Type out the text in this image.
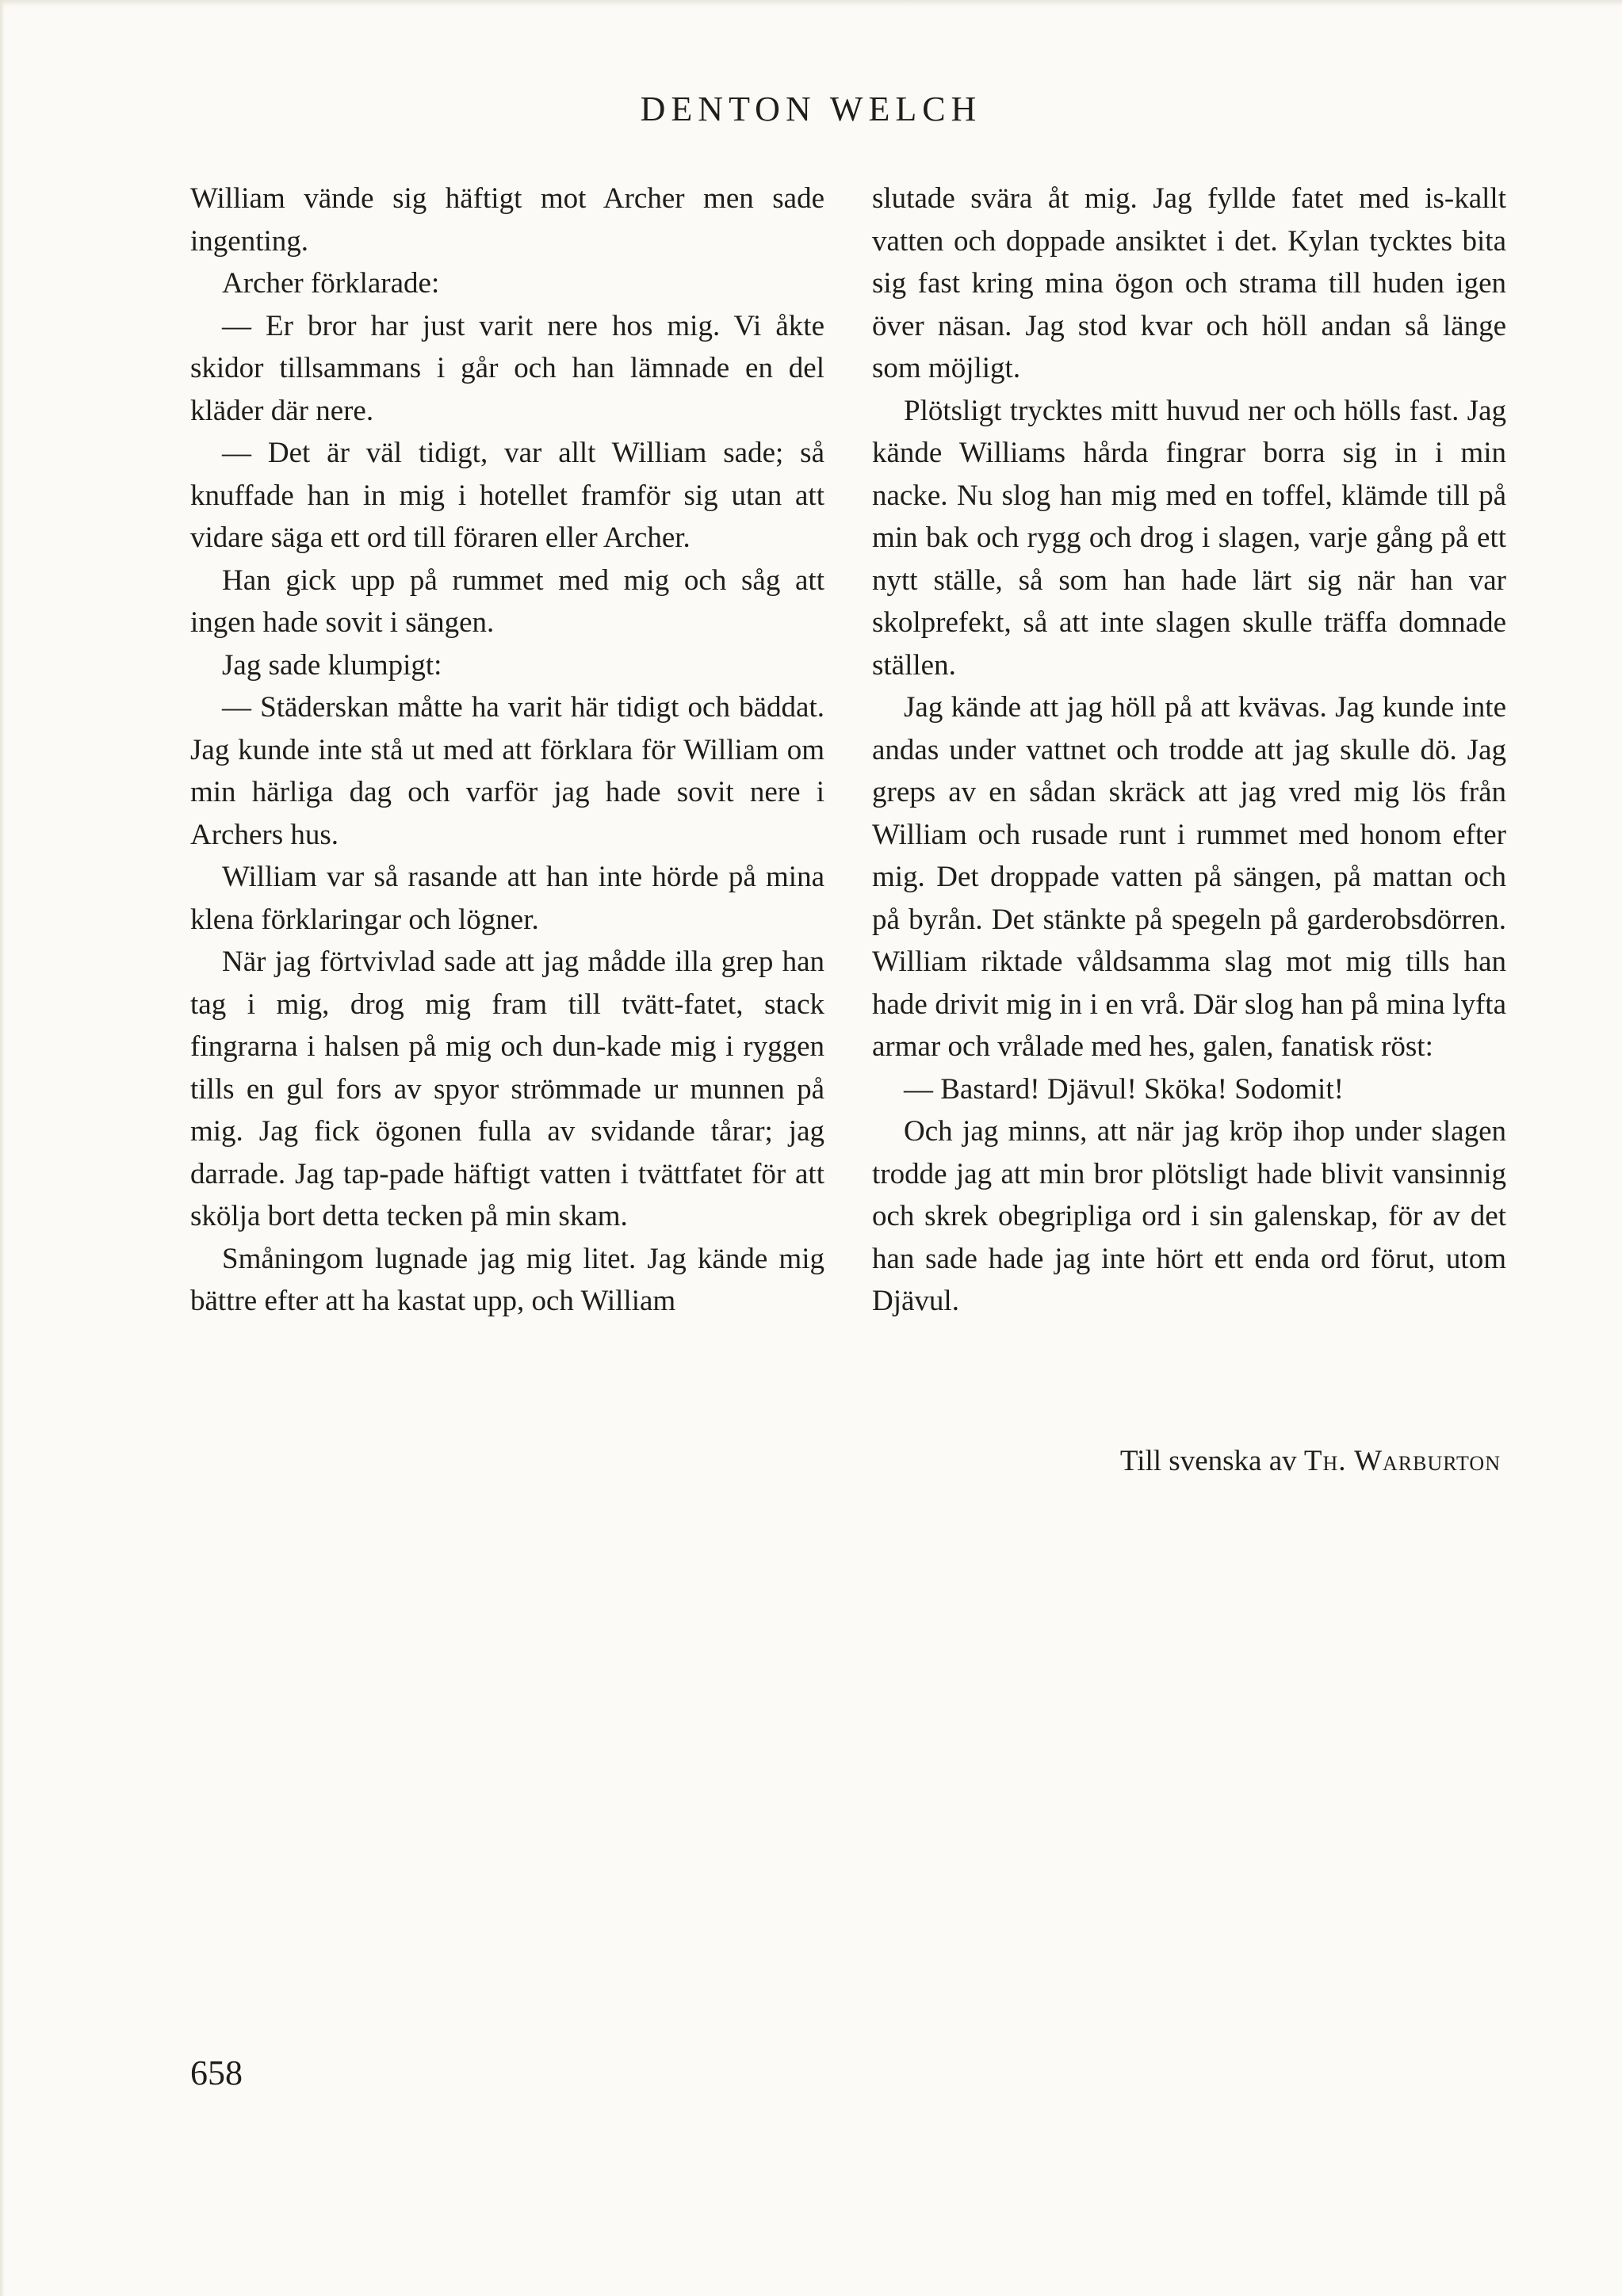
DENTON WELCH

William vände sig häftigt mot Archer men sade ingenting.

Archer förklarade:

— Er bror har just varit nere hos mig. Vi åkte skidor tillsammans i går och han lämnade en del kläder där nere.

— Det är väl tidigt, var allt William sade; så knuffade han in mig i hotellet framför sig utan att vidare säga ett ord till föraren eller Archer.

Han gick upp på rummet med mig och såg att ingen hade sovit i sängen.

Jag sade klumpigt:

— Städerskan måtte ha varit här tidigt och bäddat. Jag kunde inte stå ut med att förklara för William om min härliga dag och varför jag hade sovit nere i Archers hus.

William var så rasande att han inte hörde på mina klena förklaringar och lögner.

När jag förtvivlad sade att jag mådde illa grep han tag i mig, drog mig fram till tvätt-fatet, stack fingrarna i halsen på mig och dun-kade mig i ryggen tills en gul fors av spyor strömmade ur munnen på mig. Jag fick ögonen fulla av svidande tårar; jag darrade. Jag tap-pade häftigt vatten i tvättfatet för att skölja bort detta tecken på min skam.

Småningom lugnade jag mig litet. Jag kände mig bättre efter att ha kastat upp, och William

slutade svära åt mig. Jag fyllde fatet med is-kallt vatten och doppade ansiktet i det. Kylan tycktes bita sig fast kring mina ögon och strama till huden igen över näsan. Jag stod kvar och höll andan så länge som möjligt.

Plötsligt trycktes mitt huvud ner och hölls fast. Jag kände Williams hårda fingrar borra sig in i min nacke. Nu slog han mig med en toffel, klämde till på min bak och rygg och drog i slagen, varje gång på ett nytt ställe, så som han hade lärt sig när han var skolprefekt, så att inte slagen skulle träffa domnade ställen.

Jag kände att jag höll på att kvävas. Jag kunde inte andas under vattnet och trodde att jag skulle dö. Jag greps av en sådan skräck att jag vred mig lös från William och rusade runt i rummet med honom efter mig. Det droppade vatten på sängen, på mattan och på byrån. Det stänkte på spegeln på garderobsdörren. William riktade våldsamma slag mot mig tills han hade drivit mig in i en vrå. Där slog han på mina lyfta armar och vrålade med hes, galen, fanatisk röst:

— Bastard! Djävul! Sköka! Sodomit!

Och jag minns, att när jag kröp ihop under slagen trodde jag att min bror plötsligt hade blivit vansinnig och skrek obegripliga ord i sin galenskap, för av det han sade hade jag inte hört ett enda ord förut, utom Djävul.

Till svenska av Th. Warburton
658
